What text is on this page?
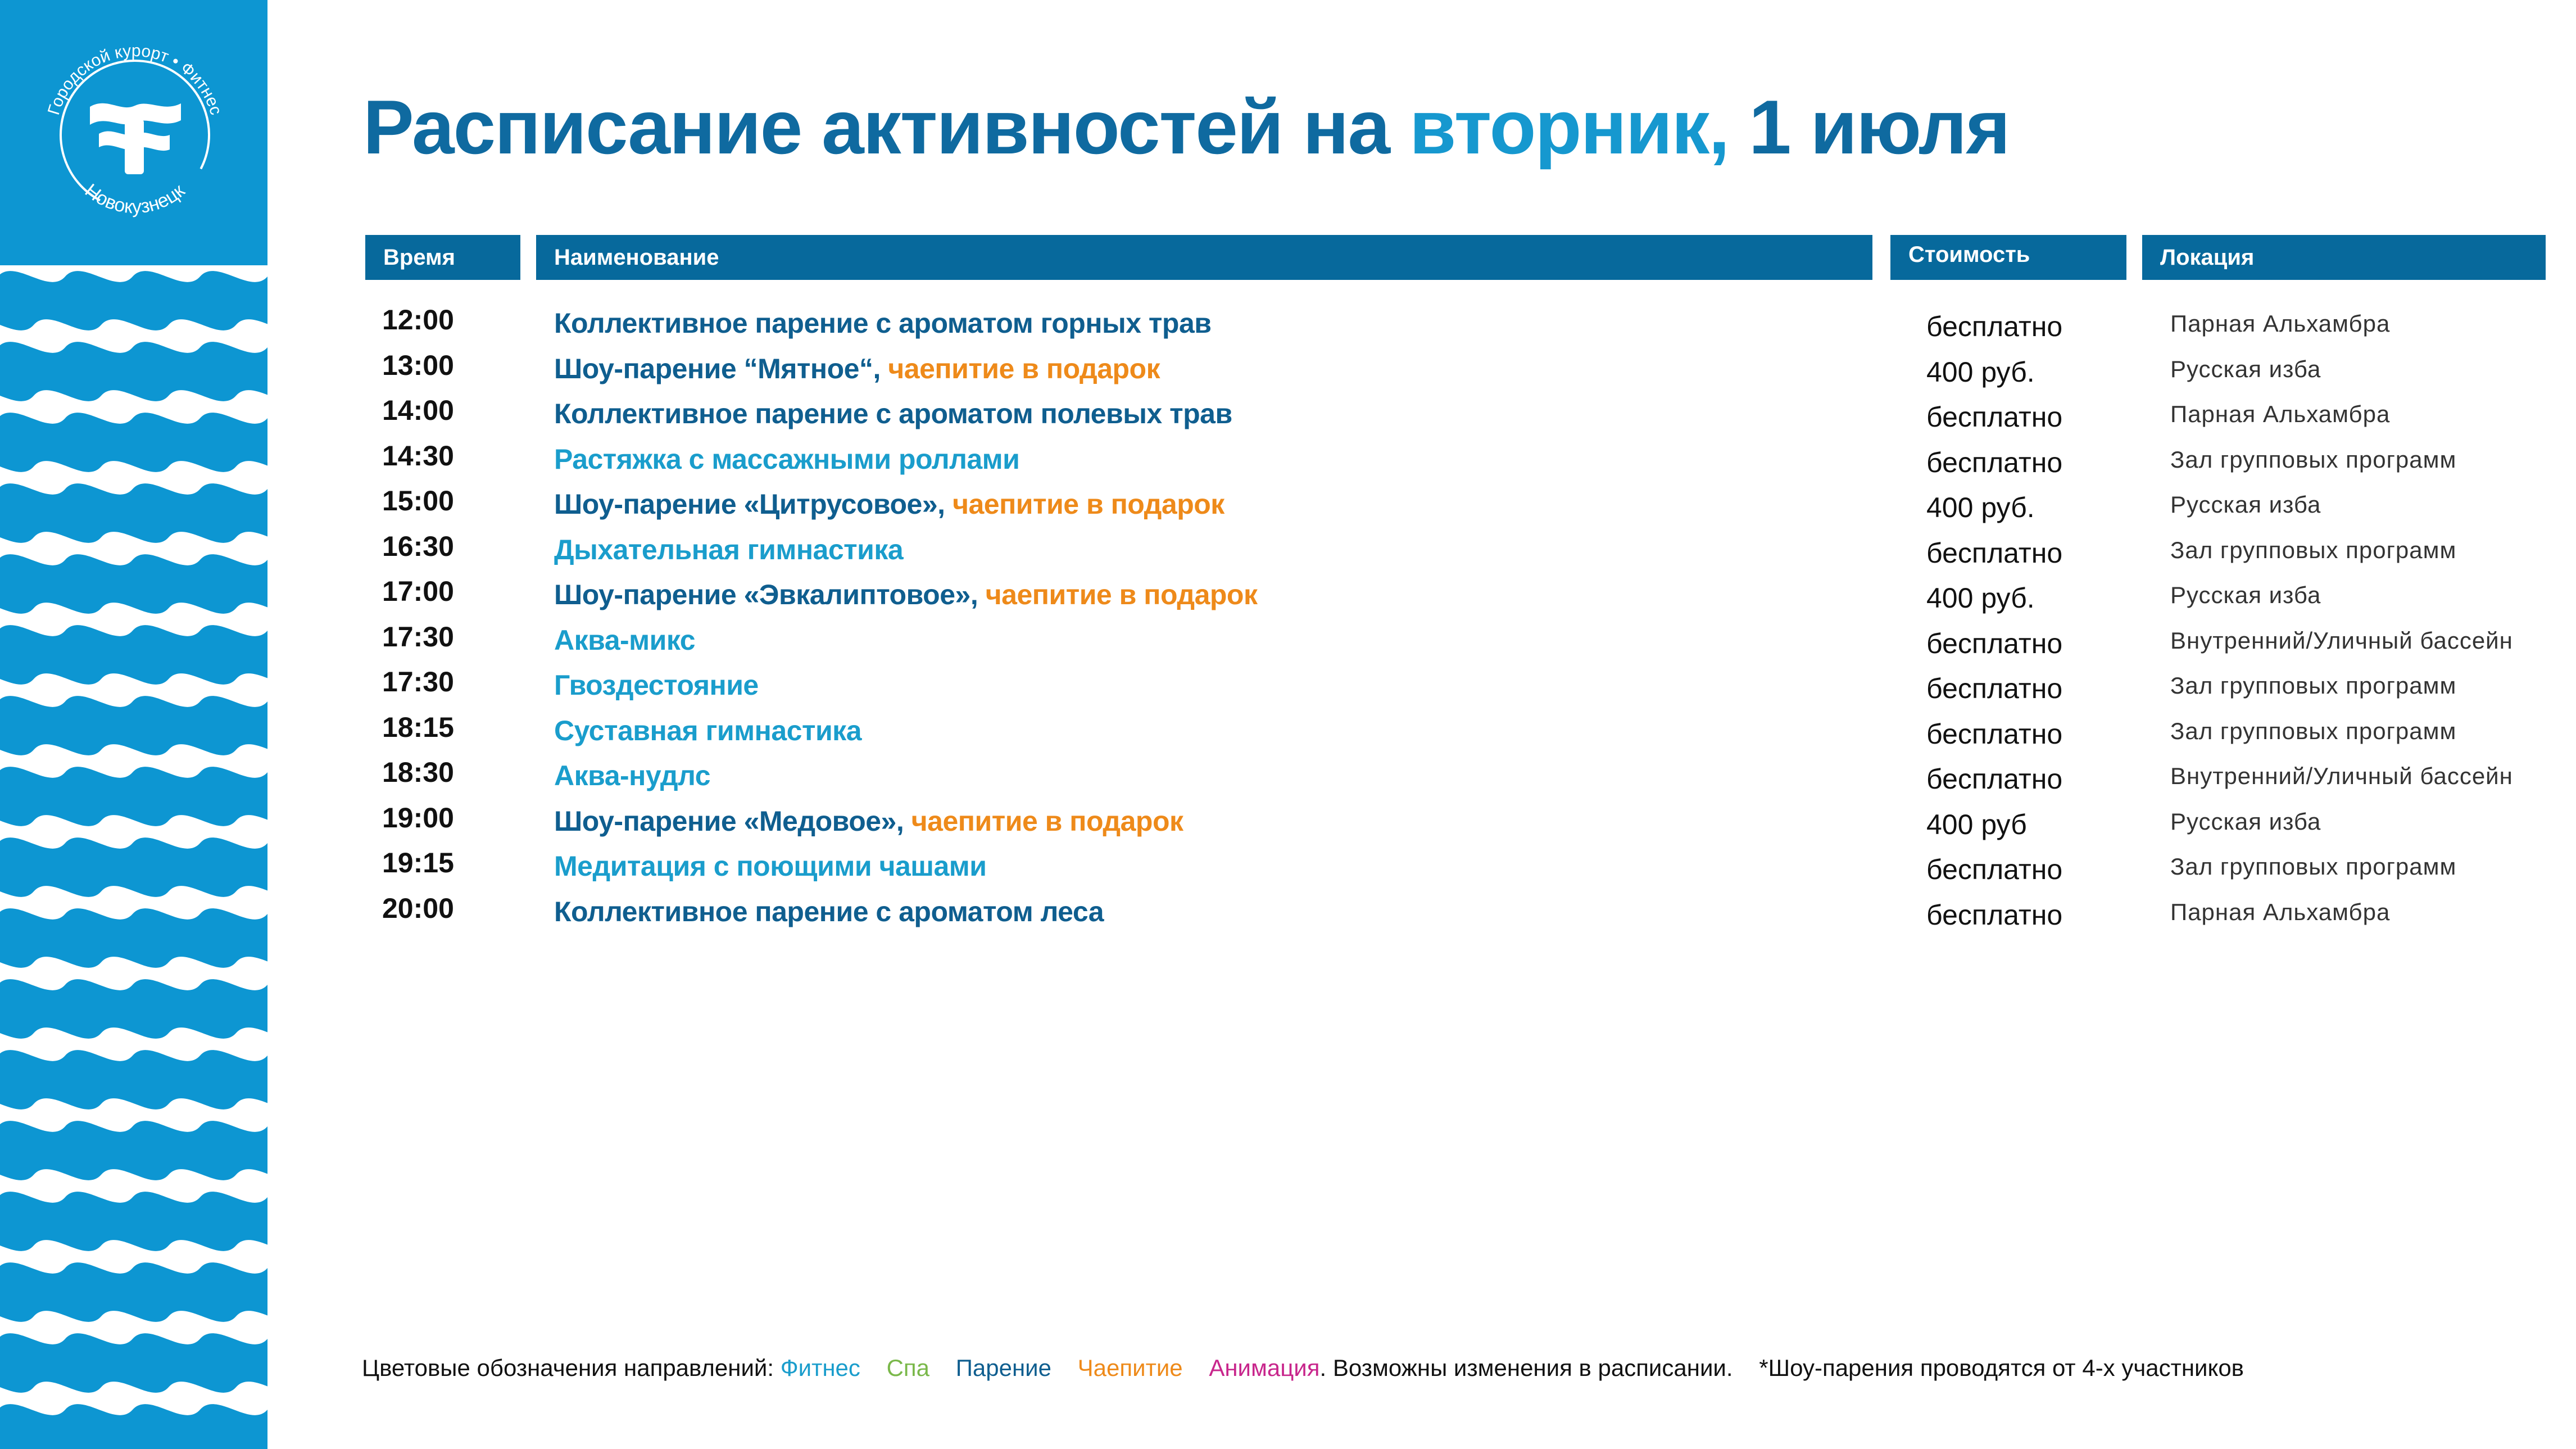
Городской курорт • Фитнес
Новокузнецк
Расписание активностей на вторник, 1 июля
Время	Наименование	Стоимость	Локация
12:00	Коллективное парение с ароматом горных трав	бесплатно	Парная Альхамбра
13:00	Шоу-парение “Мятное“, чаепитие в подарок	400 руб.	Русская изба
14:00	Коллективное парение с ароматом полевых трав	бесплатно	Парная Альхамбра
14:30	Растяжка с массажными роллами	бесплатно	Зал групповых программ
15:00	Шоу-парение «Цитрусовое», чаепитие в подарок	400 руб.	Русская изба
16:30	Дыхательная гимнастика	бесплатно	Зал групповых программ
17:00	Шоу-парение «Эвкалиптовое», чаепитие в подарок	400 руб.	Русская изба
17:30	Аква-микс	бесплатно	Внутренний/Уличный бассейн
17:30	Гвоздестояние	бесплатно	Зал групповых программ
18:15	Суставная гимнастика	бесплатно	Зал групповых программ
18:30	Аква-нудлс	бесплатно	Внутренний/Уличный бассейн
19:00	Шоу-парение «Медовое», чаепитие в подарок	400 руб	Русская изба
19:15	Медитация с поющими чашами	бесплатно	Зал групповых программ
20:00	Коллективное парение с ароматом леса	бесплатно	Парная Альхамбра
Цветовые обозначения направлений: Фитнес Спа Парение Чаепитие Анимация. Возможны изменения в расписании. *Шоу-парения проводятся от 4-х участников
